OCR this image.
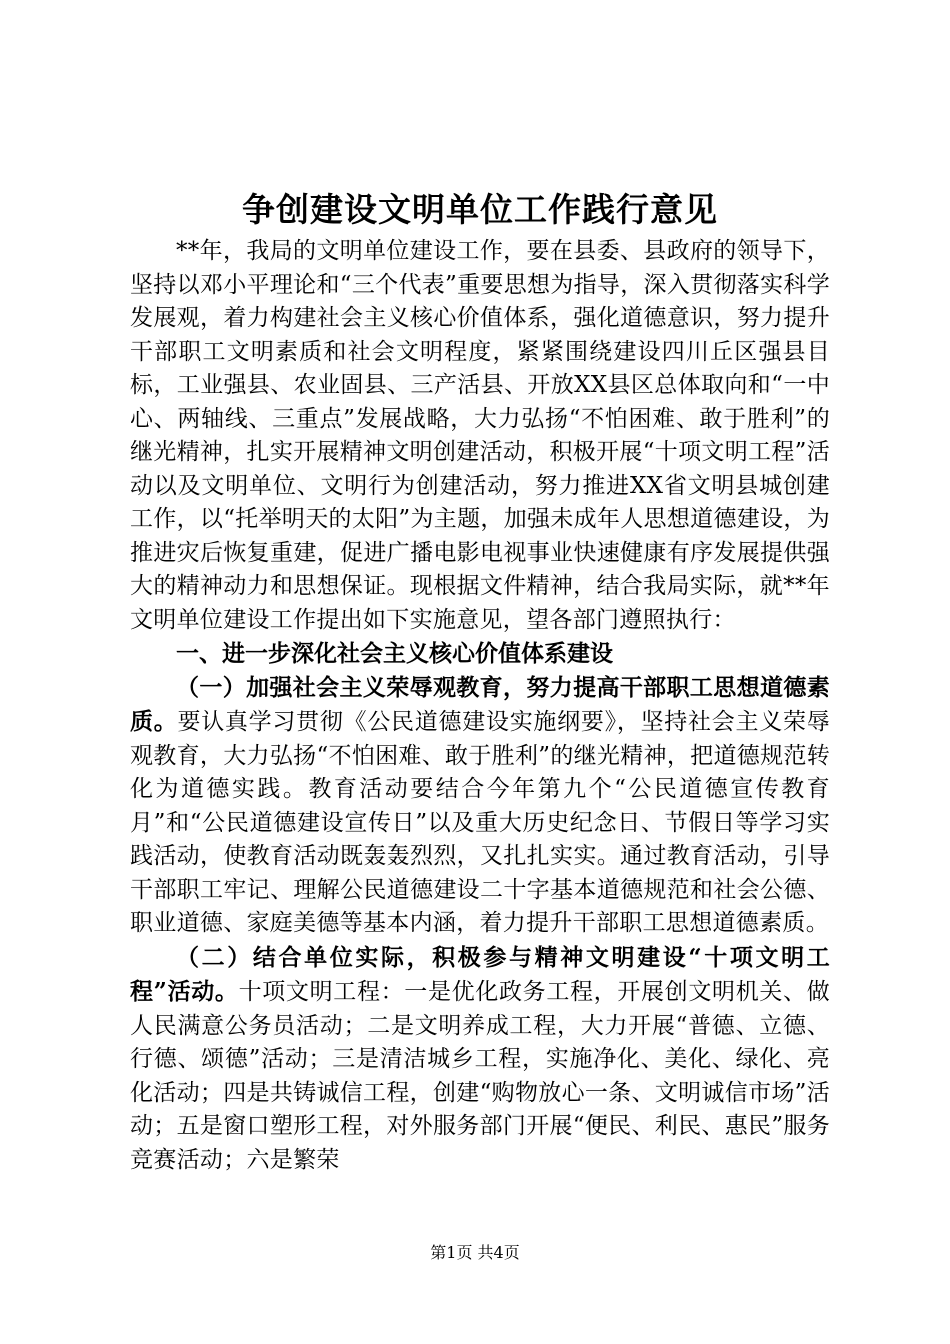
争创建设文明单位工作践行意见

**年，我局的文明单位建设工作，要在县委、县政府的领导下，坚持以邓小平理论和“三个代表”重要思想为指导，深入贯彻落实科学发展观，着力构建社会主义核心价值体系，强化道德意识，努力提升干部职工文明素质和社会文明程度，紧紧围绕建设四川丘区强县目标，工业强县、农业固县、三产活县、开放XX县区总体取向和“一中心、两轴线、三重点”发展战略，大力弘扬“不怕困难、敢于胜利”的继光精神，扎实开展精神文明创建活动，积极开展“十项文明工程”活动以及文明单位、文明行为创建活动，努力推进XX省文明县城创建工作，以“托举明天的太阳”为主题，加强未成年人思想道德建设，为推进灾后恢复重建，促进广播电影电视事业快速健康有序发展提供强大的精神动力和思想保证。现根据文件精神，结合我局实际，就**年文明单位建设工作提出如下实施意见，望各部门遵照执行：

一、进一步深化社会主义核心价值体系建设

（一）加强社会主义荣辱观教育，努力提高干部职工思想道德素质。要认真学习贯彻《公民道德建设实施纲要》，坚持社会主义荣辱观教育，大力弘扬“不怕困难、敢于胜利”的继光精神，把道德规范转化为道德实践。教育活动要结合今年第九个“公民道德宣传教育月”和“公民道德建设宣传日”以及重大历史纪念日、节假日等学习实践活动，使教育活动既轰轰烈烈，又扎扎实实。通过教育活动，引导干部职工牢记、理解公民道德建设二十字基本道德规范和社会公德、职业道德、家庭美德等基本内涵，着力提升干部职工思想道德素质。

（二）结合单位实际，积极参与精神文明建设“十项文明工程”活动。十项文明工程：一是优化政务工程，开展创文明机关、做人民满意公务员活动；二是文明养成工程，大力开展“普德、立德、行德、颂德”活动；三是清洁城乡工程，实施净化、美化、绿化、亮化活动；四是共铸诚信工程，创建“购物放心一条、文明诚信市场”活动；五是窗口塑形工程，对外服务部门开展“便民、利民、惠民”服务竞赛活动；六是繁荣

第1页 共4页
